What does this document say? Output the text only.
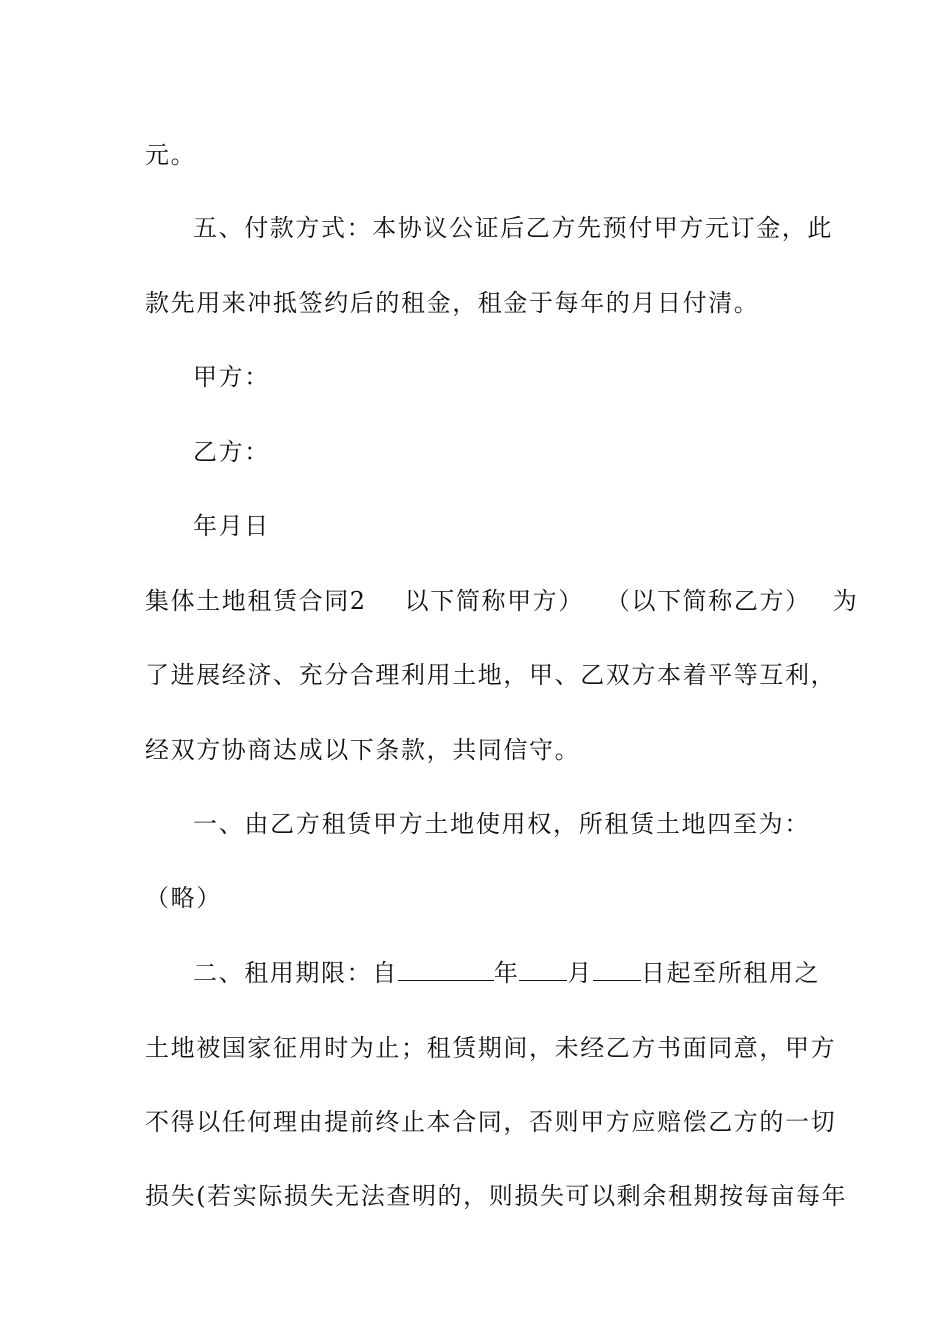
元。
五、付款方式：本协议公证后乙方先预付甲方元订金，此
款先用来冲抵签约后的租金，租金于每年的月日付清。
甲方：
乙方：
年月日
集体土地租赁合同2 以下简称甲方） （以下简称乙方） 为
了进展经济、充分合理利用土地，甲、乙双方本着平等互利，
经双方协商达成以下条款，共同信守。
一、由乙方租赁甲方土地使用权，所租赁土地四至为：
（略）
二、租用期限：自	年 月 日起至所租用之
土地被国家征用时为止；租赁期间，未经乙方书面同意，甲方
不得以任何理由提前终止本合同，否则甲方应赔偿乙方的一切
损失(若实际损失无法查明的，则损失可以剩余租期按每亩每年
